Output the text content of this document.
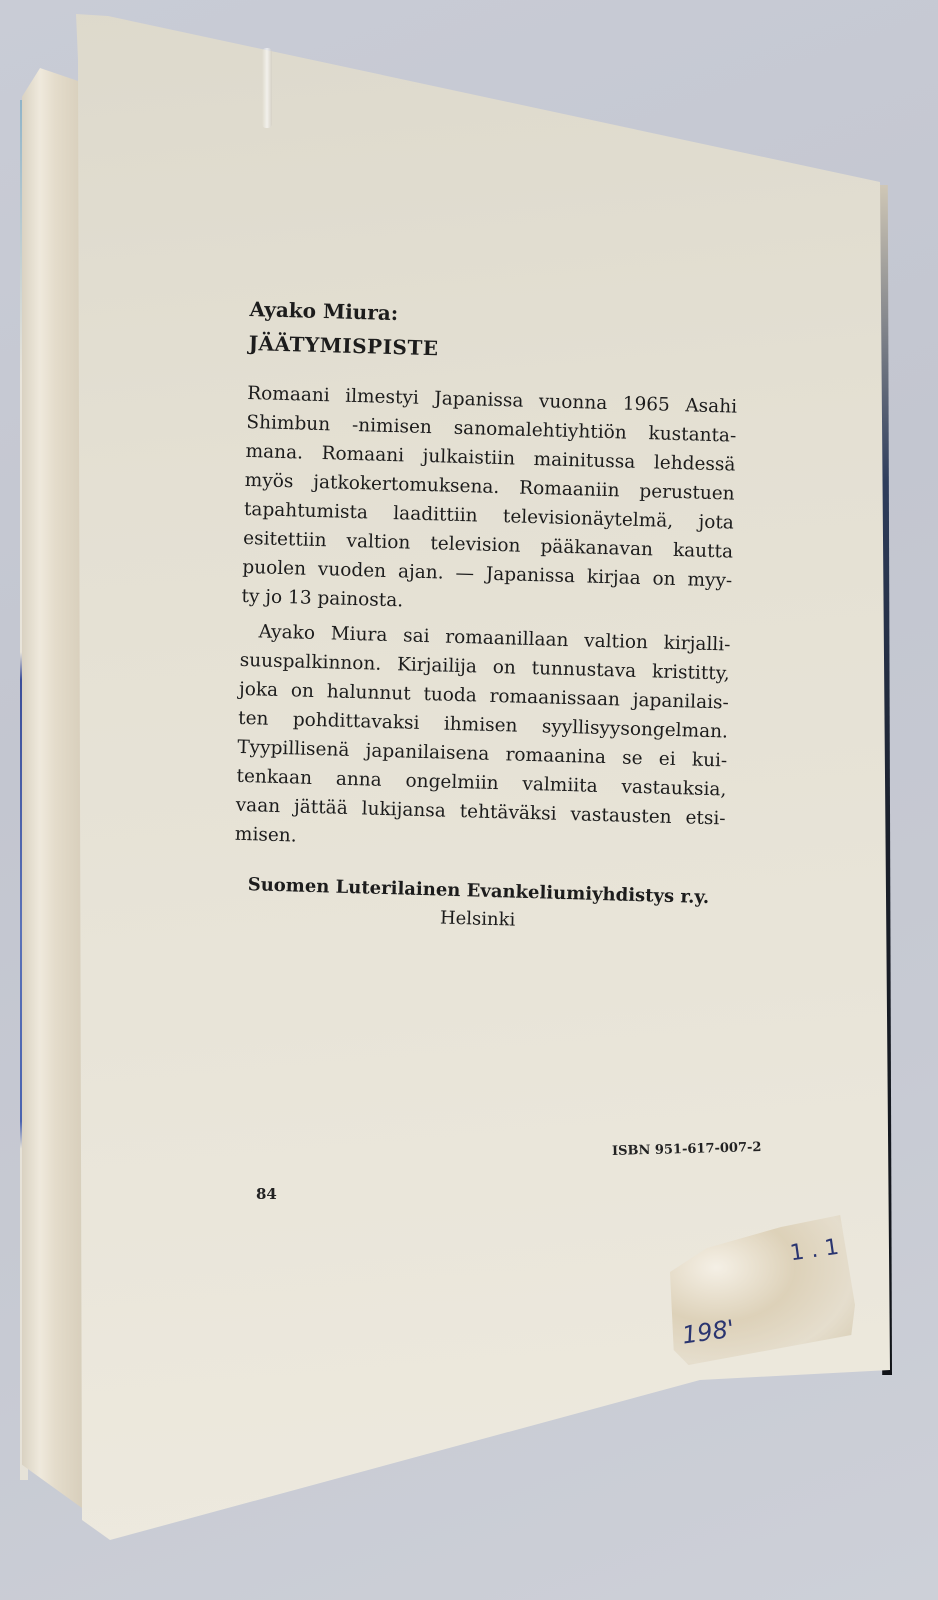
Ayako Miura:

JÄÄTYMISPISTE

Romaani ilmestyi Japanissa vuonna 1965 Asahi
Shimbun -nimisen sanomalehtiyhtiön kustanta-
mana. Romaani julkaistiin mainitussa lehdessä
myös jatkokertomuksena. Romaaniin perustuen
tapahtumista laadittiin televisionäytelmä, jota
esitettiin valtion television pääkanavan kautta
puolen vuoden ajan. — Japanissa kirjaa on myy-
ty jo 13 painosta.

Ayako Miura sai romaanillaan valtion kirjalli-
suuspalkinnon. Kirjailija on tunnustava kristitty,
joka on halunnut tuoda romaanissaan japanilais-
ten pohdittavaksi ihmisen syyllisyysongelman.
Tyypillisenä japanilaisena romaanina se ei kui-
tenkaan anna ongelmiin valmiita vastauksia,
vaan jättää lukijansa tehtäväksi vastausten etsi-
misen.

Suomen Luterilainen Evankeliumiyhdistys r.y.
Helsinki
ISBN 951-617-007-2
84
1 . 1
198'
